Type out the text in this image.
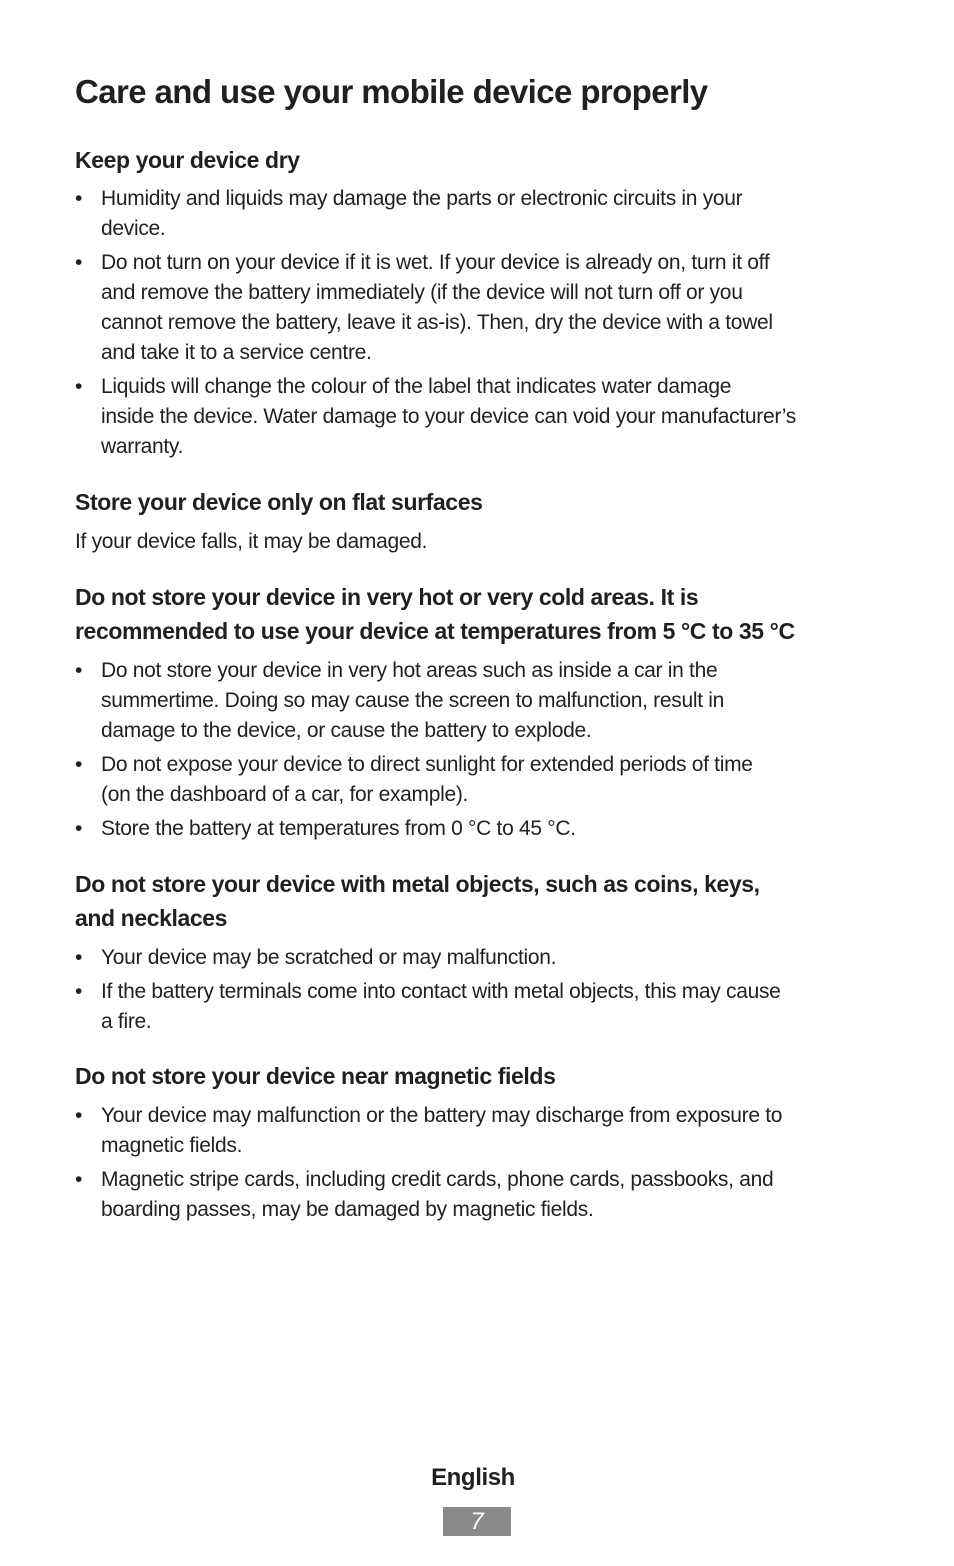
Care and use your mobile device properly
Keep your device dry
• Humidity and liquids may damage the parts or electronic circuits in your
device.
• Do not turn on your device if it is wet. If your device is already on, turn it off
and remove the battery immediately (if the device will not turn off or you
cannot remove the battery, leave it as-is). Then, dry the device with a towel
and take it to a service centre.
• Liquids will change the colour of the label that indicates water damage
inside the device. Water damage to your device can void your manufacturer’s
warranty.
Store your device only on flat surfaces

If your device falls, it may be damaged.

Do not store your device in very hot or very cold areas. It is
recommended to use your device at temperatures from 5 °C to 35 °C
• Do not store your device in very hot areas such as inside a car in the
summertime. Doing so may cause the screen to malfunction, result in
damage to the device, or cause the battery to explode.
• Do not expose your device to direct sunlight for extended periods of time
(on the dashboard of a car, for example).
• Store the battery at temperatures from 0 °C to 45 °C.
Do not store your device with metal objects, such as coins, keys,
and necklaces
• Your device may be scratched or may malfunction.
• If the battery terminals come into contact with metal objects, this may cause
a fire.
Do not store your device near magnetic fields
• Your device may malfunction or the battery may discharge from exposure to
magnetic fields.
• Magnetic stripe cards, including credit cards, phone cards, passbooks, and
boarding passes, may be damaged by magnetic fields.
English
7
